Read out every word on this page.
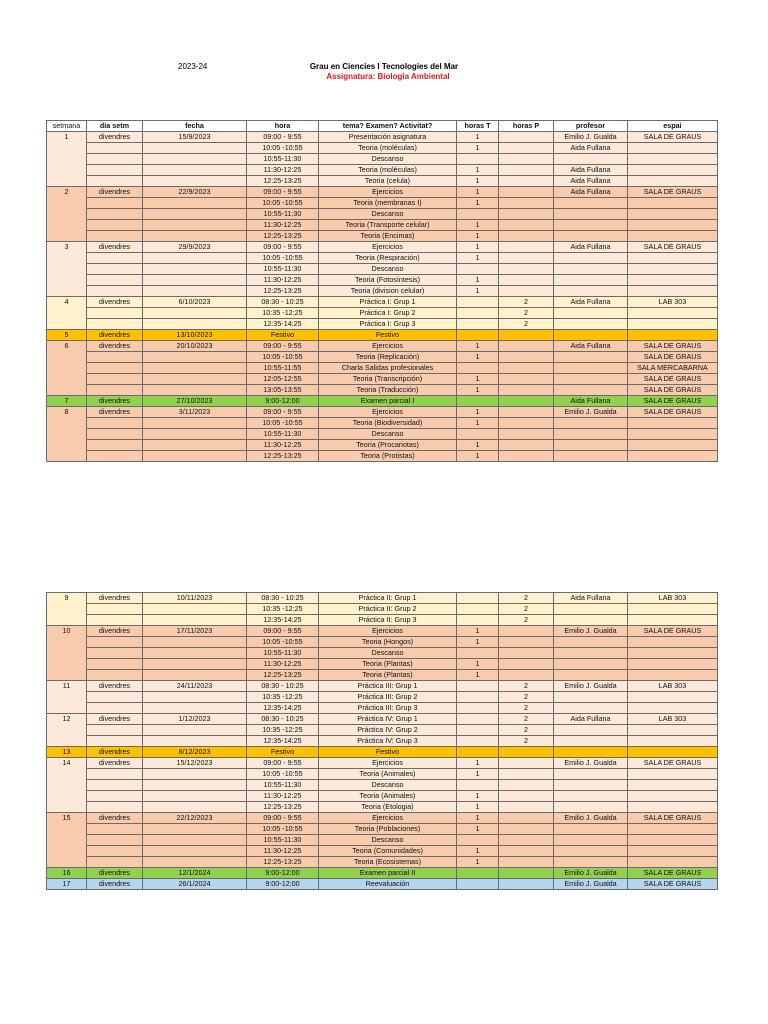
2023-24	Grau en Ciencies I Tecnologies del Mar
Assignatura: Biologia Ambiental
setmana	dia setm	fecha	hora	tema? Examen? Activitat?	horas T	horas P	profesor	espai
1	divendres	15/9/2023	09:00 - 9:55	Presentación asignatura	1		Emilio J. Gualda	SALA DE GRAUS
			10:05 -10:55	Teoria (moléculas)	1		Aida Fullana	
			10:55-11:30	Descanso				
			11:30-12:25	Teoria (moléculas)	1		Aida Fullana	
			12:25-13:25	Teoria (celula)	1		Aida Fullana	
2	divendres	22/9/2023	09:00 - 9:55	Ejercicios	1		Aida Fullana	SALA DE GRAUS
			10:05 -10:55	Teoria (membranas I)	1			
			10:55-11:30	Descanso				
			11:30-12:25	Teoria (Transporte celular)	1			
			12:25-13:25	Teoria (Encimas)	1			
3	divendres	29/9/2023	09:00 - 9:55	Ejercicios	1		Aida Fullana	SALA DE GRAUS
			10:05 -10:55	Teoria (Respiración)	1			
			10:55-11:30	Descanso				
			11:30-12:25	Teoria (Fotosíntesis)	1			
			12:25-13:25	Teoria (division celular)	1			
4	divendres	6/10/2023	08:30 - 10:25	Práctica I: Grup 1		2	Aida Fullana	LAB 303
			10:35 -12:25	Práctica I: Grup 2		2		
			12:35-14:25	Práctica I: Grup 3		2		
5	divendres	13/10/2023	Festivo	Festivo				
6	divendres	20/10/2023	09:00 - 9:55	Ejercicios	1		Aida Fullana	SALA DE GRAUS
			10:05 -10:55	Teoria (Replicación)	1			SALA DE GRAUS
			10:55-11:55	Charla Salidas profesionales				SALA MERCABARNA
			12:05-12:55	Teoria (Transcripción)	1			SALA DE GRAUS
			13:05-13:55	Teoria (Traducción)	1			SALA DE GRAUS
7	divendres	27/10/2023	9:00-12:00	Examen parcial I			Aida Fullana	SALA DE GRAUS
8	divendres	3/11/2023	09:00 - 9:55	Ejercicios	1		Emilio J. Gualda	SALA DE GRAUS
			10:05 -10:55	Teoria (Biodiversidad)	1			
			10:55-11:30	Descanso				
			11:30-12:25	Teoria (Procariotas)	1			
			12:25-13:25	Teoria (Protistas)	1			
9	divendres	10/11/2023	08:30 - 10:25	Práctica II: Grup 1		2	Aida Fullana	LAB 303
			10:35 -12:25	Práctica II: Grup 2		2		
			12:35-14:25	Práctica II: Grup 3		2		
10	divendres	17/11/2023	09:00 - 9:55	Ejercicios	1		Emilio J. Gualda	SALA DE GRAUS
			10:05 -10:55	Teoria (Hongos)	1			
			10:55-11:30	Descanso				
			11:30-12:25	Teoria (Plantas)	1			
			12:25-13:25	Teoria (Plantas)	1			
11	divendres	24/11/2023	08:30 - 10:25	Práctica III: Grup 1		2	Emilio J. Gualda	LAB 303
			10:35 -12:25	Práctica III: Grup 2		2		
			12:35-14:25	Práctica III: Grup 3		2		
12	divendres	1/12/2023	08:30 - 10:25	Práctica IV: Grup 1		2	Aida Fullana	LAB 303
			10:35 -12:25	Práctica IV: Grup 2		2		
			12:35-14:25	Práctica IV: Grup 3		2		
13	divendres	8/12/2023	Festivo	Festivo				
14	divendres	15/12/2023	09:00 - 9:55	Ejercicios	1		Emilio J. Gualda	SALA DE GRAUS
			10:05 -10:55	Teoria (Animales)	1			
			10:55-11:30	Descanso				
			11:30-12:25	Teoria (Animales)	1			
			12:25-13:25	Teoria (Etologia)	1			
15	divendres	22/12/2023	09:00 - 9:55	Ejercicios	1		Emilio J. Gualda	SALA DE GRAUS
			10:05 -10:55	Teoria (Poblaciones)	1			
			10:55-11:30	Descanso				
			11:30-12:25	Teoria (Comunidades)	1			
			12:25-13:25	Teoria (Ecosistemas)	1			
16	divendres	12/1/2024	9:00-12:00	Examen parcial II			Emilio J. Gualda	SALA DE GRAUS
17	divendres	26/1/2024	9:00-12:00	Reevaluación			Emilio J. Gualda	SALA DE GRAUS
